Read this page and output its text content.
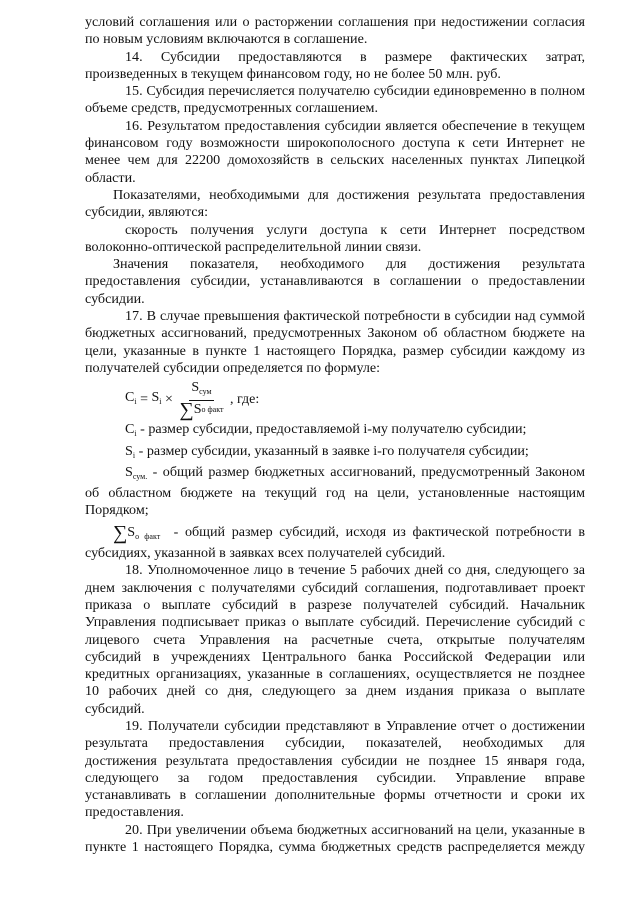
условий соглашения или о расторжении соглашения при недостижении согласия

по новым условиям включаются в соглашение.

14. Субсидии предоставляются в размере фактических затрат,

произведенных в текущем финансовом году, но не более 50 млн. руб.

15. Субсидия перечисляется получателю субсидии единовременно в полном

объеме средств, предусмотренных соглашением.

16. Результатом предоставления субсидии является обеспечение в текущем

финансовом году возможности широкополосного доступа к сети Интернет не

менее чем для 22200 домохозяйств в сельских населенных пунктах Липецкой

области.

Показателями, необходимыми для достижения результата предоставления

субсидии, являются:

скорость получения услуги доступа к сети Интернет посредством

волоконно-оптической распределительной линии связи.

Значения показателя, необходимого для достижения результата

предоставления субсидии, устанавливаются в соглашении о предоставлении

субсидии.

17. В случае превышения фактической потребности в субсидии над суммой

бюджетных ассигнований, предусмотренных Законом об областном бюджете на

цели, указанные в пункте 1 настоящего Порядка, размер субсидии каждому из

получателей субсидии определяется по формуле:

$C_i = S_i \times \frac{S_{сум}}{\text{∑ S o факт}}$ , где:

$C_i$ - размер субсидии, предоставляемой i-му получателю субсидии;

$S_i$ - размер субсидии, указанный в заявке i-го получателя субсидии;

$S_{сум.}$ - общий размер бюджетных ассигнований, предусмотренный Законом

об областном бюджете на текущий год на цели, установленные настоящим

Порядком;

$\sum S_{o факт}$  - общий размер субсидий, исходя из фактической потребности в

субсидиях, указанной в заявках всех получателей субсидий.

18. Уполномоченное лицо в течение 5 рабочих дней со дня, следующего за

днем заключения с получателями субсидий соглашения, подготавливает проект

приказа о выплате субсидий в разрезе получателей субсидий. Начальник

Управления подписывает приказ о выплате субсидий. Перечисление субсидий с

лицевого счета Управления на расчетные счета, открытые получателям

субсидий в учреждениях Центрального банка Российской Федерации или

кредитных организациях, указанные в соглашениях, осуществляется не позднее

10 рабочих дней со дня, следующего за днем издания приказа о выплате

субсидий.

19. Получатели субсидии представляют в Управление отчет о достижении

результата предоставления субсидии, показателей, необходимых для

достижения результата предоставления субсидии не позднее 15 января года,

следующего за годом предоставления субсидии. Управление вправе

устанавливать в соглашении дополнительные формы отчетности и сроки их

предоставления.

20. При увеличении объема бюджетных ассигнований на цели, указанные в

пункте 1 настоящего Порядка, сумма бюджетных средств распределяется между
